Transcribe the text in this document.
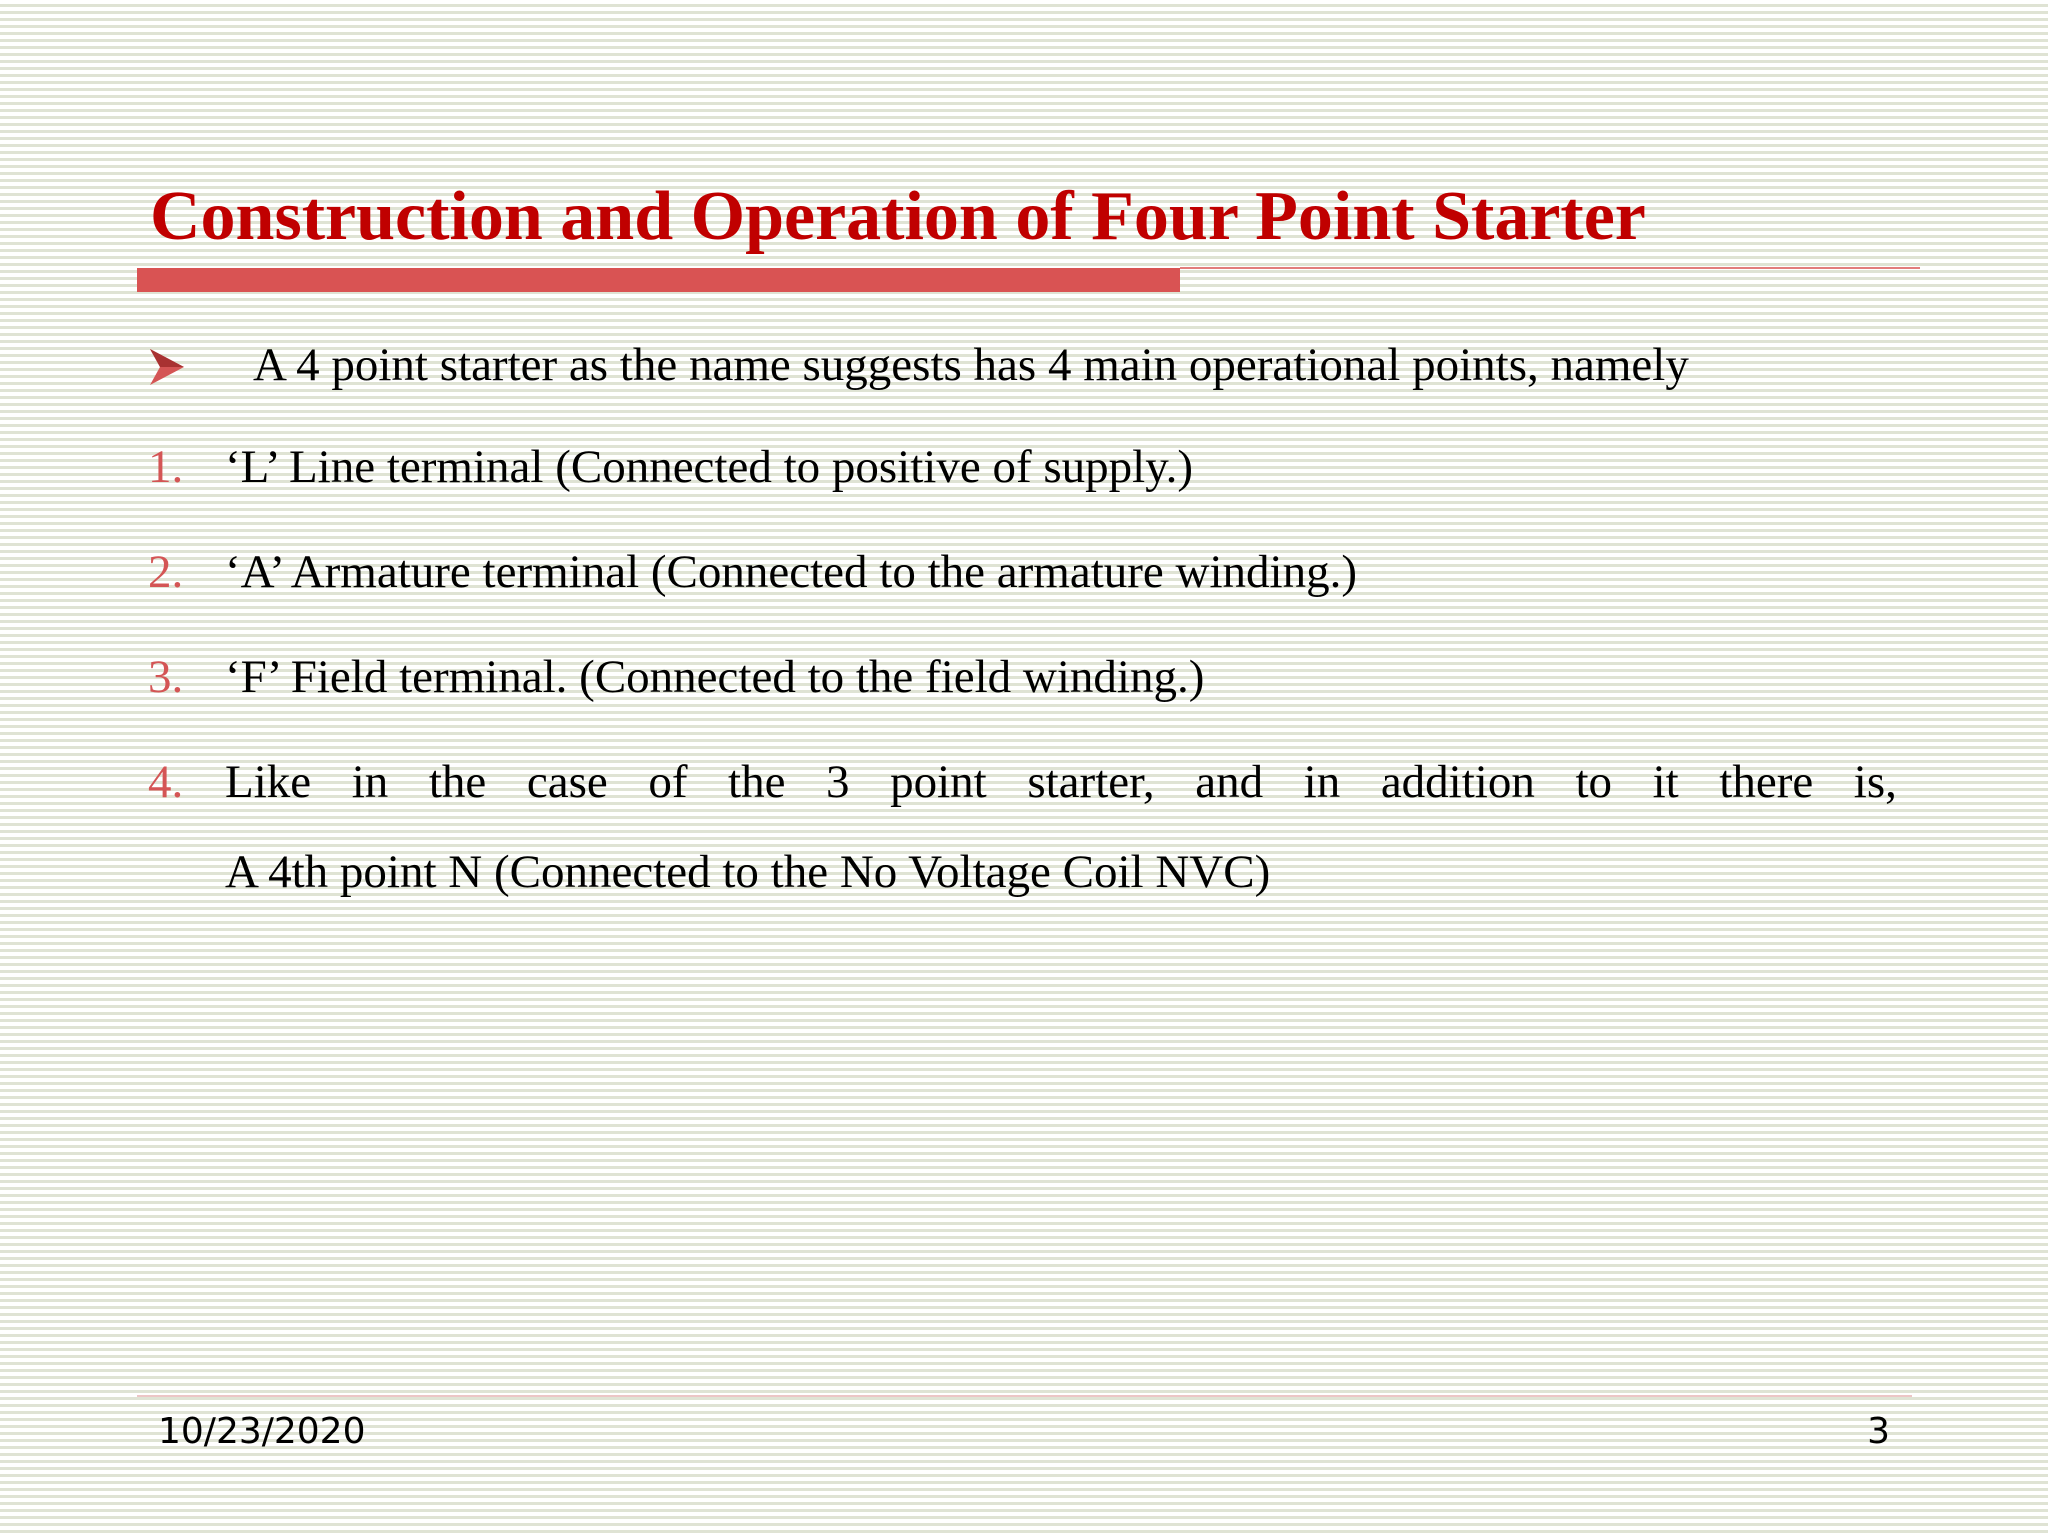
Construction and Operation of Four Point Starter
A 4 point starter as the name suggests has 4 main operational points, namely
1. ‘L’ Line terminal (Connected to positive of supply.)
2. ‘A’ Armature terminal (Connected to the armature winding.)
3. ‘F’ Field terminal. (Connected to the field winding.)
4. Like in the case of the 3 point starter, and in addition to it there is,
A 4th point N (Connected to the No Voltage Coil NVC)
10/23/2020	3
